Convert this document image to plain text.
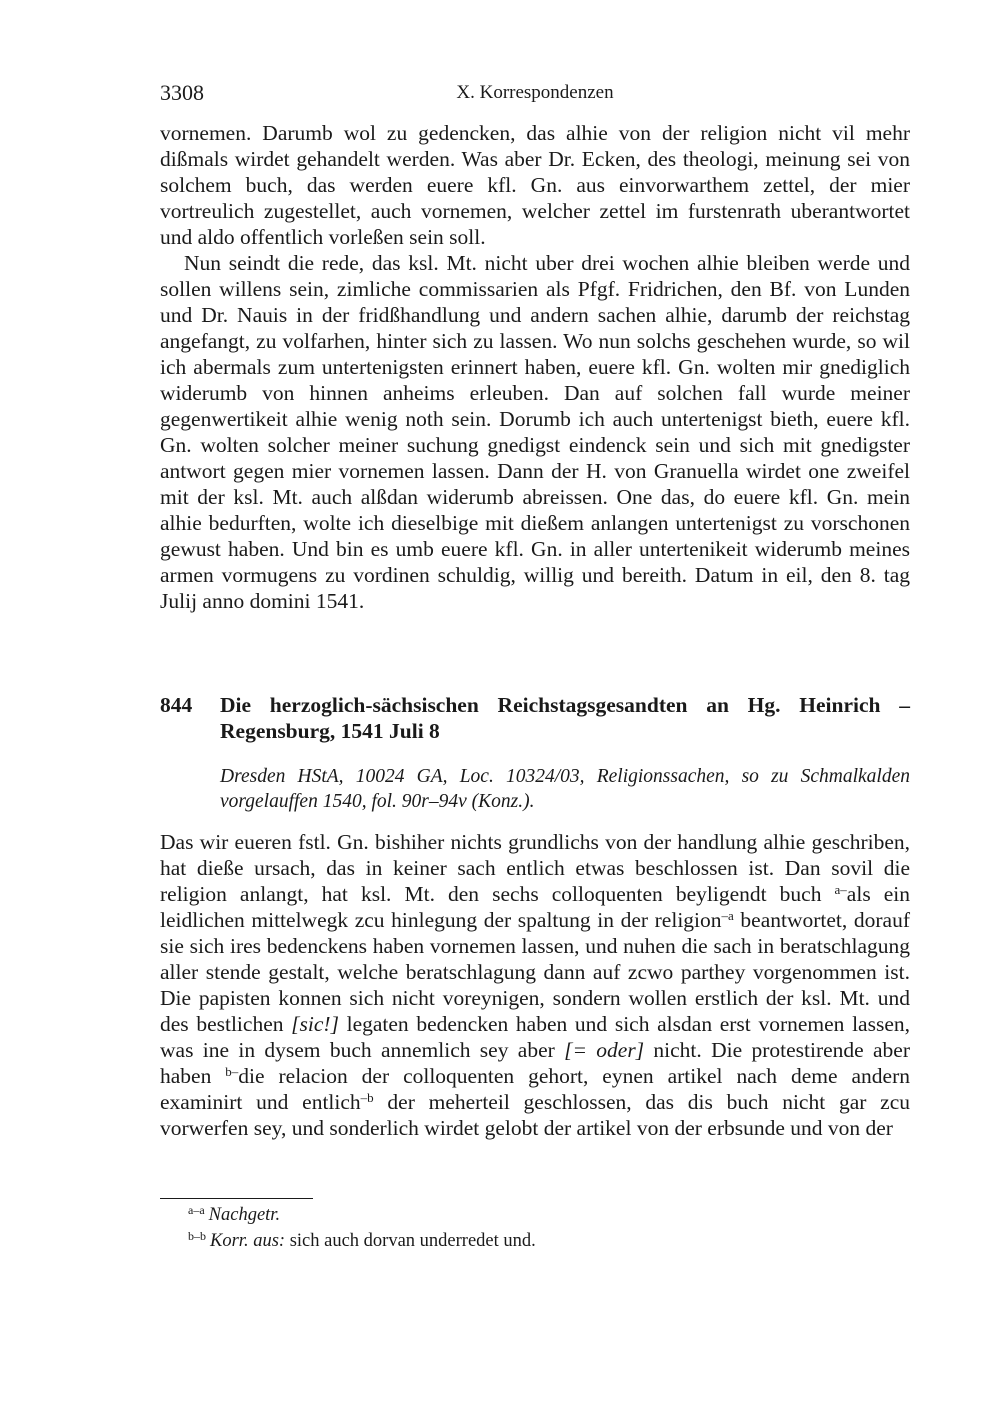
3308	X. Korrespondenzen

vornemen. Darumb wol zu gedencken, das alhie von der religion nicht vil mehr dißmals wirdet gehandelt werden. Was aber Dr. Ecken, des theologi, meinung sei von solchem buch, das werden euere kfl. Gn. aus einvorwarthem zettel, der mier vortreulich zugestellet, auch vornemen, welcher zettel im furstenrath uberantwortet und aldo offentlich vorleßen sein soll.

Nun seindt die rede, das ksl. Mt. nicht uber drei wochen alhie bleiben werde und sollen willens sein, zimliche commissarien als Pfgf. Fridrichen, den Bf. von Lunden und Dr. Nauis in der fridßhandlung und andern sachen alhie, darumb der reichstag angefangt, zu volfarhen, hinter sich zu lassen. Wo nun solchs geschehen wurde, so wil ich abermals zum untertenigsten erinnert haben, euere kfl. Gn. wolten mir gnediglich widerumb von hinnen anheims erleuben. Dan auf solchen fall wurde meiner gegenwertikeit alhie wenig noth sein. Dorumb ich auch untertenigst bieth, euere kfl. Gn. wolten solcher meiner suchung gnedigst eindenck sein und sich mit gnedigster antwort gegen mier vornemen lassen. Dann der H. von Granuella wirdet one zweifel mit der ksl. Mt. auch alßdan widerumb abreissen. One das, do euere kfl. Gn. mein alhie bedurften, wolte ich dieselbige mit dießem anlangen untertenigst zu vorschonen gewust haben. Und bin es umb euere kfl. Gn. in aller untertenikeit widerumb meines armen vormugens zu vordinen schuldig, willig und bereith. Datum in eil, den 8. tag Julij anno domini 1541.

844	Die herzoglich-sächsischen Reichstagsgesandten an Hg. Heinrich – Regensburg, 1541 Juli 8
Dresden HStA, 10024 GA, Loc. 10324/03, Religionssachen, so zu Schmalkalden vorgelauffen 1540, fol. 90r–94v (Konz.).

Das wir eueren fstl. Gn. bishiher nichts grundlichs von der handlung alhie geschriben, hat dieße ursach, das in keiner sach entlich etwas beschlossen ist. Dan sovil die religion anlangt, hat ksl. Mt. den sechs colloquenten beyligendt buch $^{a-}$als ein leidlichen mittelwegk zcu hinlegung der spaltung in der religion$^{-a}$ beantwortet, dorauf sie sich ires bedenckens haben vornemen lassen, und nuhen die sach in beratschlagung aller stende gestalt, welche beratschlagung dann auf zcwo parthey vorgenommen ist. Die papisten konnen sich nicht voreynigen, sondern wollen erstlich der ksl. Mt. und des bestlichen [sic!] legaten bedencken haben und sich alsdan erst vornemen lassen, was ine in dysem buch annemlich sey aber [= oder] nicht. Die protestirende aber haben $^{b-}$die relacion der colloquenten gehort, eynen artikel nach deme andern examinirt und entlich$^{-b}$ der meherteil geschlossen, das dis buch nicht gar zcu vorwerfen sey, und sonderlich wirdet gelobt der artikel von der erbsunde und von der

$^{a-a}$ Nachgetr.

$^{b-b}$ Korr. aus: sich auch dorvan underredet und.
